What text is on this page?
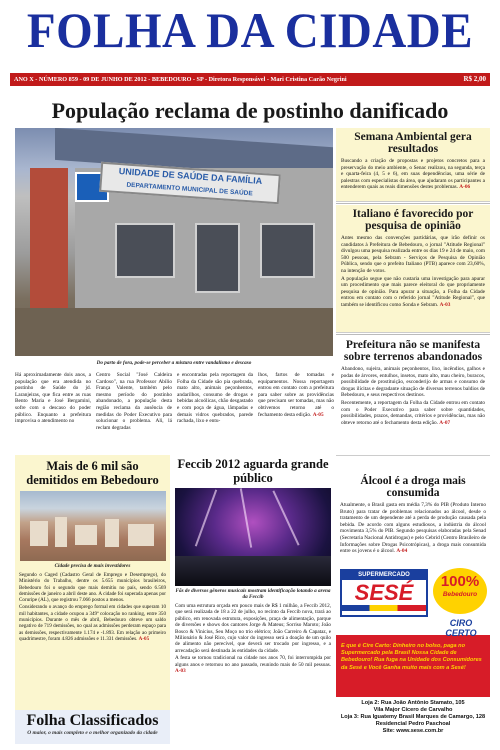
FOLHA DA CIDADE
ANO X - NÚMERO 859 - 09 DE JUNHO DE 2012 - BEBEDOURO - SP - Diretora Responsável - Mari Cristina Carão Negrini	R$ 2,00
População reclama de postinho danificado
UNIDADE DE SAÚDE DA FAMÍLIA
DEPARTAMENTO MUNICIPAL DE SAÚDE
Do parto de fora, pode-se perceber a mistura entre vandalismo e descaso
Há aproximadamente dois anos, a população que era atendida no postinho de Saúde do jd. Laranjeiras, que fica entre as ruas Bento Maria e José Bergamini, sofre com o descaso do poder público. Enquanto a prefeitura improvisa o atendimento no
Centro Social "José Caldeira Cardoso", na rua Professor Abílio França Valente, também pelo mesmo período do postinho abandonado, a população desta região reclama da ausência de medidas do Poder Executivo para solucionar o problema. Ali, lá reclam degradas
e encontradas pela reportagem da Folha da Cidade são pia quebrada, mato alto, animais peçonhentos, andarilhos, consumo de drogas e bebidas alcoólicas, chão desgastado e com poça de água, lâmpadas e demais vidros quebrados, parede rachada, lixo e entu-
lhos, fartos de tomadas e equipamentos. Nossa reportagem entrou em contato com a prefeitura para saber sobre as providências que precisam ser tomadas, mas não obtivemos retorno até o fechamento desta edição. A-05
Semana Ambiental gera resultados

Buscando a criação de propostas e projetos concretos para a preservação do meio ambiente, o Senac realizou, na segunda, terça e quarta-feira (4, 5 e 6), em suas dependências, uma série de palestras com especialistas da área, que ajudaram os participantes a entenderem quais as reais dimensões destes problemas. A-06

Italiano é favorecido por pesquisa de opinião

Antes mesmo das convenções partidárias, que irão definir os candidatos à Prefeitura de Bebedouro, o jornal "Atitude Regional" divulgou uma pesquisa realizada entre os dias 19 e 24 de maio, com 500 pessoas, pela Sebram - Serviços de Pesquisa de Opinião Pública, sendo que o prefeito Italiano (PTB) aparece com 23,60%, na intenção de votos.

A população segue que não custaria uma investigação para apurar um procedimento que mais parece eleitoral do que propriamente pesquisa de opinião. Para apurar a situação, a Folha da Cidade entrou em contato com o referido jornal "Atitude Regional", que também se identificou como Sonda e Sebram. A-03

Prefeitura não se manifesta sobre terrenos abandonados

Abandono, sujeira, animais peçonhentos, lixo, incêndios, galhos e podas de árvores, entulhos, insetos, mato alto, mau cheiro, buracos, possibilidade de prostituição, esconderijo de armas e consumo de drogas ilícitas e degradante situação de diversos terrenos baldios de Bebedouro, e seus respectivos destinos.

Recentemente, a reportagem da Folha da Cidade entrou em contato com o Poder Executivo para saber sobre quantidades, possibilidades, prazos, demandas, critérios e providências, mas não obteve retorno até o fechamento desta edição. A-07

Mais de 6 mil são demitidos em Bebedouro
Cidade precisa de mais investidores

Segundo o Caged (Cadastro Geral de Emprego e Desemprego), do Ministério do Trabalho, dentre os 5.655 municípios brasileiros, Bebedouro foi o segundo que mais demitiu no país, sendo 6.569 demissões de janeiro a abril deste ano. A cidade foi superada apenas por Coruripe (AL), que registrou 7.066 postos a menos.

Considerando o avanço do emprego formal em cidades que superam 10 mil habitantes, a cidade ocupou a 349ª colocação no ranking, entre 350 municípios. Durante o mês de abril, Bebedouro obteve um saldo negativo de 719 demissões, no qual as admissões perderam espaço para as demissões, respectivamente 1.174 e -1.893. Em relação ao primeiro quadrimestre, foram 4.826 admissões e 11.331 demissões. A-05

Feccib 2012 aguarda grande público
Fãs de diversos gêneros musicais mostram identificação lotando a arena da Feccib

Com uma estrutura orçada em pouco mais de R$ 1 milhão, a Feccib 2012, que será realizada de 18 a 22 de julho, no recinto da Feccib nova, trará ao público, em renovada estrutura, exposições, praça de alimentação, parque de diversões e shows dos cantores Jorge & Mateus; Sorriso Maroto; João Bosco & Vinicius, Seu Moço no trio elétrico; João Carreiro & Capataz, e Milionário & José Rico, cujo valor do ingresso será a doação de um quilo de alimento não perecível, que deverá ser trocado por ingresso, e a arrecadação será destinada às entidades da cidade.

A festa se tornou tradicional na cidade nos anos 70, foi interrompida por alguns anos e retornou no ano passado, reunindo mais de 50 mil pessoas. A-03

Álcool é a droga mais consumida

Atualmente, o Brasil gasta em média 7,3% do PIB (Produto Interno Bruto) para tratar de problemas relacionados ao álcool, desde o tratamento de um dependente até a perda de produção causada pela bebida. De acordo com alguns estudiosos, a indústria do álcool movimenta 3,5% do PIB. Segundo pesquisas elaboradas pela Senad (Secretaria Nacional Antidrogas) e pelo Cebrid (Centro Brasileiro de Informações sobre Drogas Psicotrópicas), a droga mais consumida entre os jovens é o álcool. A-04

SUPERMERCADO
SESÉ	100%
Bebedouro
CIRO CERTO
E que é Cire Carto: Dinheiro no bolso, paga no Supermercado pela Brasil Nossa Cidade de Bebedouro! Rua fuga na Unidade dos Consumidores da Sesé e Você Ganha muito mais com a Sesé!
Loja 2: Rua João Antônio Stamato, 105
Vila Major Cícero de Carvalho
Loja 3: Rua Iguatemy Brasil Marques de Camargo, 128
Residencial Pedro Paschoal
Site: www.sese.com.br
Folha Classificados
O maior, o mais completo e o melhor organizado da cidade
